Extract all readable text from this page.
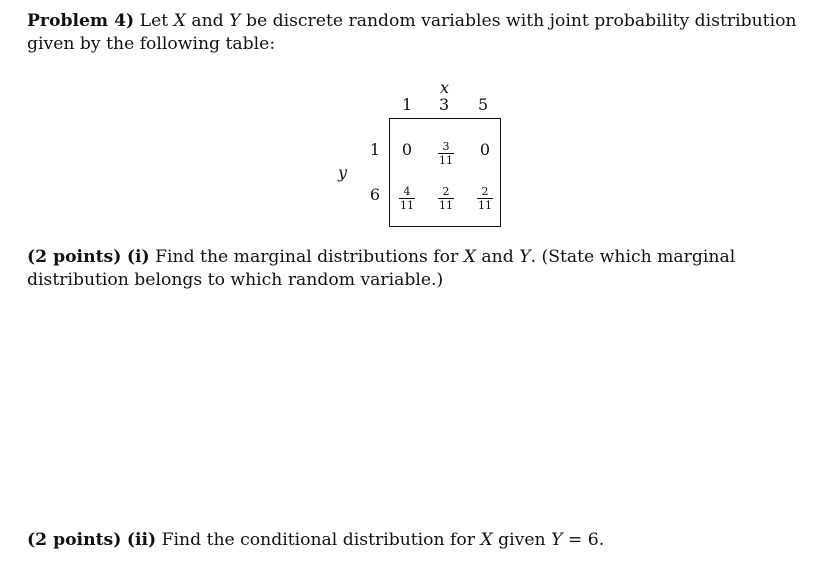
Problem 4) Let X and Y be discrete random variables with joint probability distribution given by the following table:
x
1 3 5
y
1
6
0	$\frac{3}{11}$	0
$\frac{4}{11} \frac{2}{11} \frac{2}{11}$
(2 points) (i) Find the marginal distributions for X and Y. (State which marginal distribution belongs to which random variable.)
(2 points) (ii) Find the conditional distribution for X given Y = 6.
